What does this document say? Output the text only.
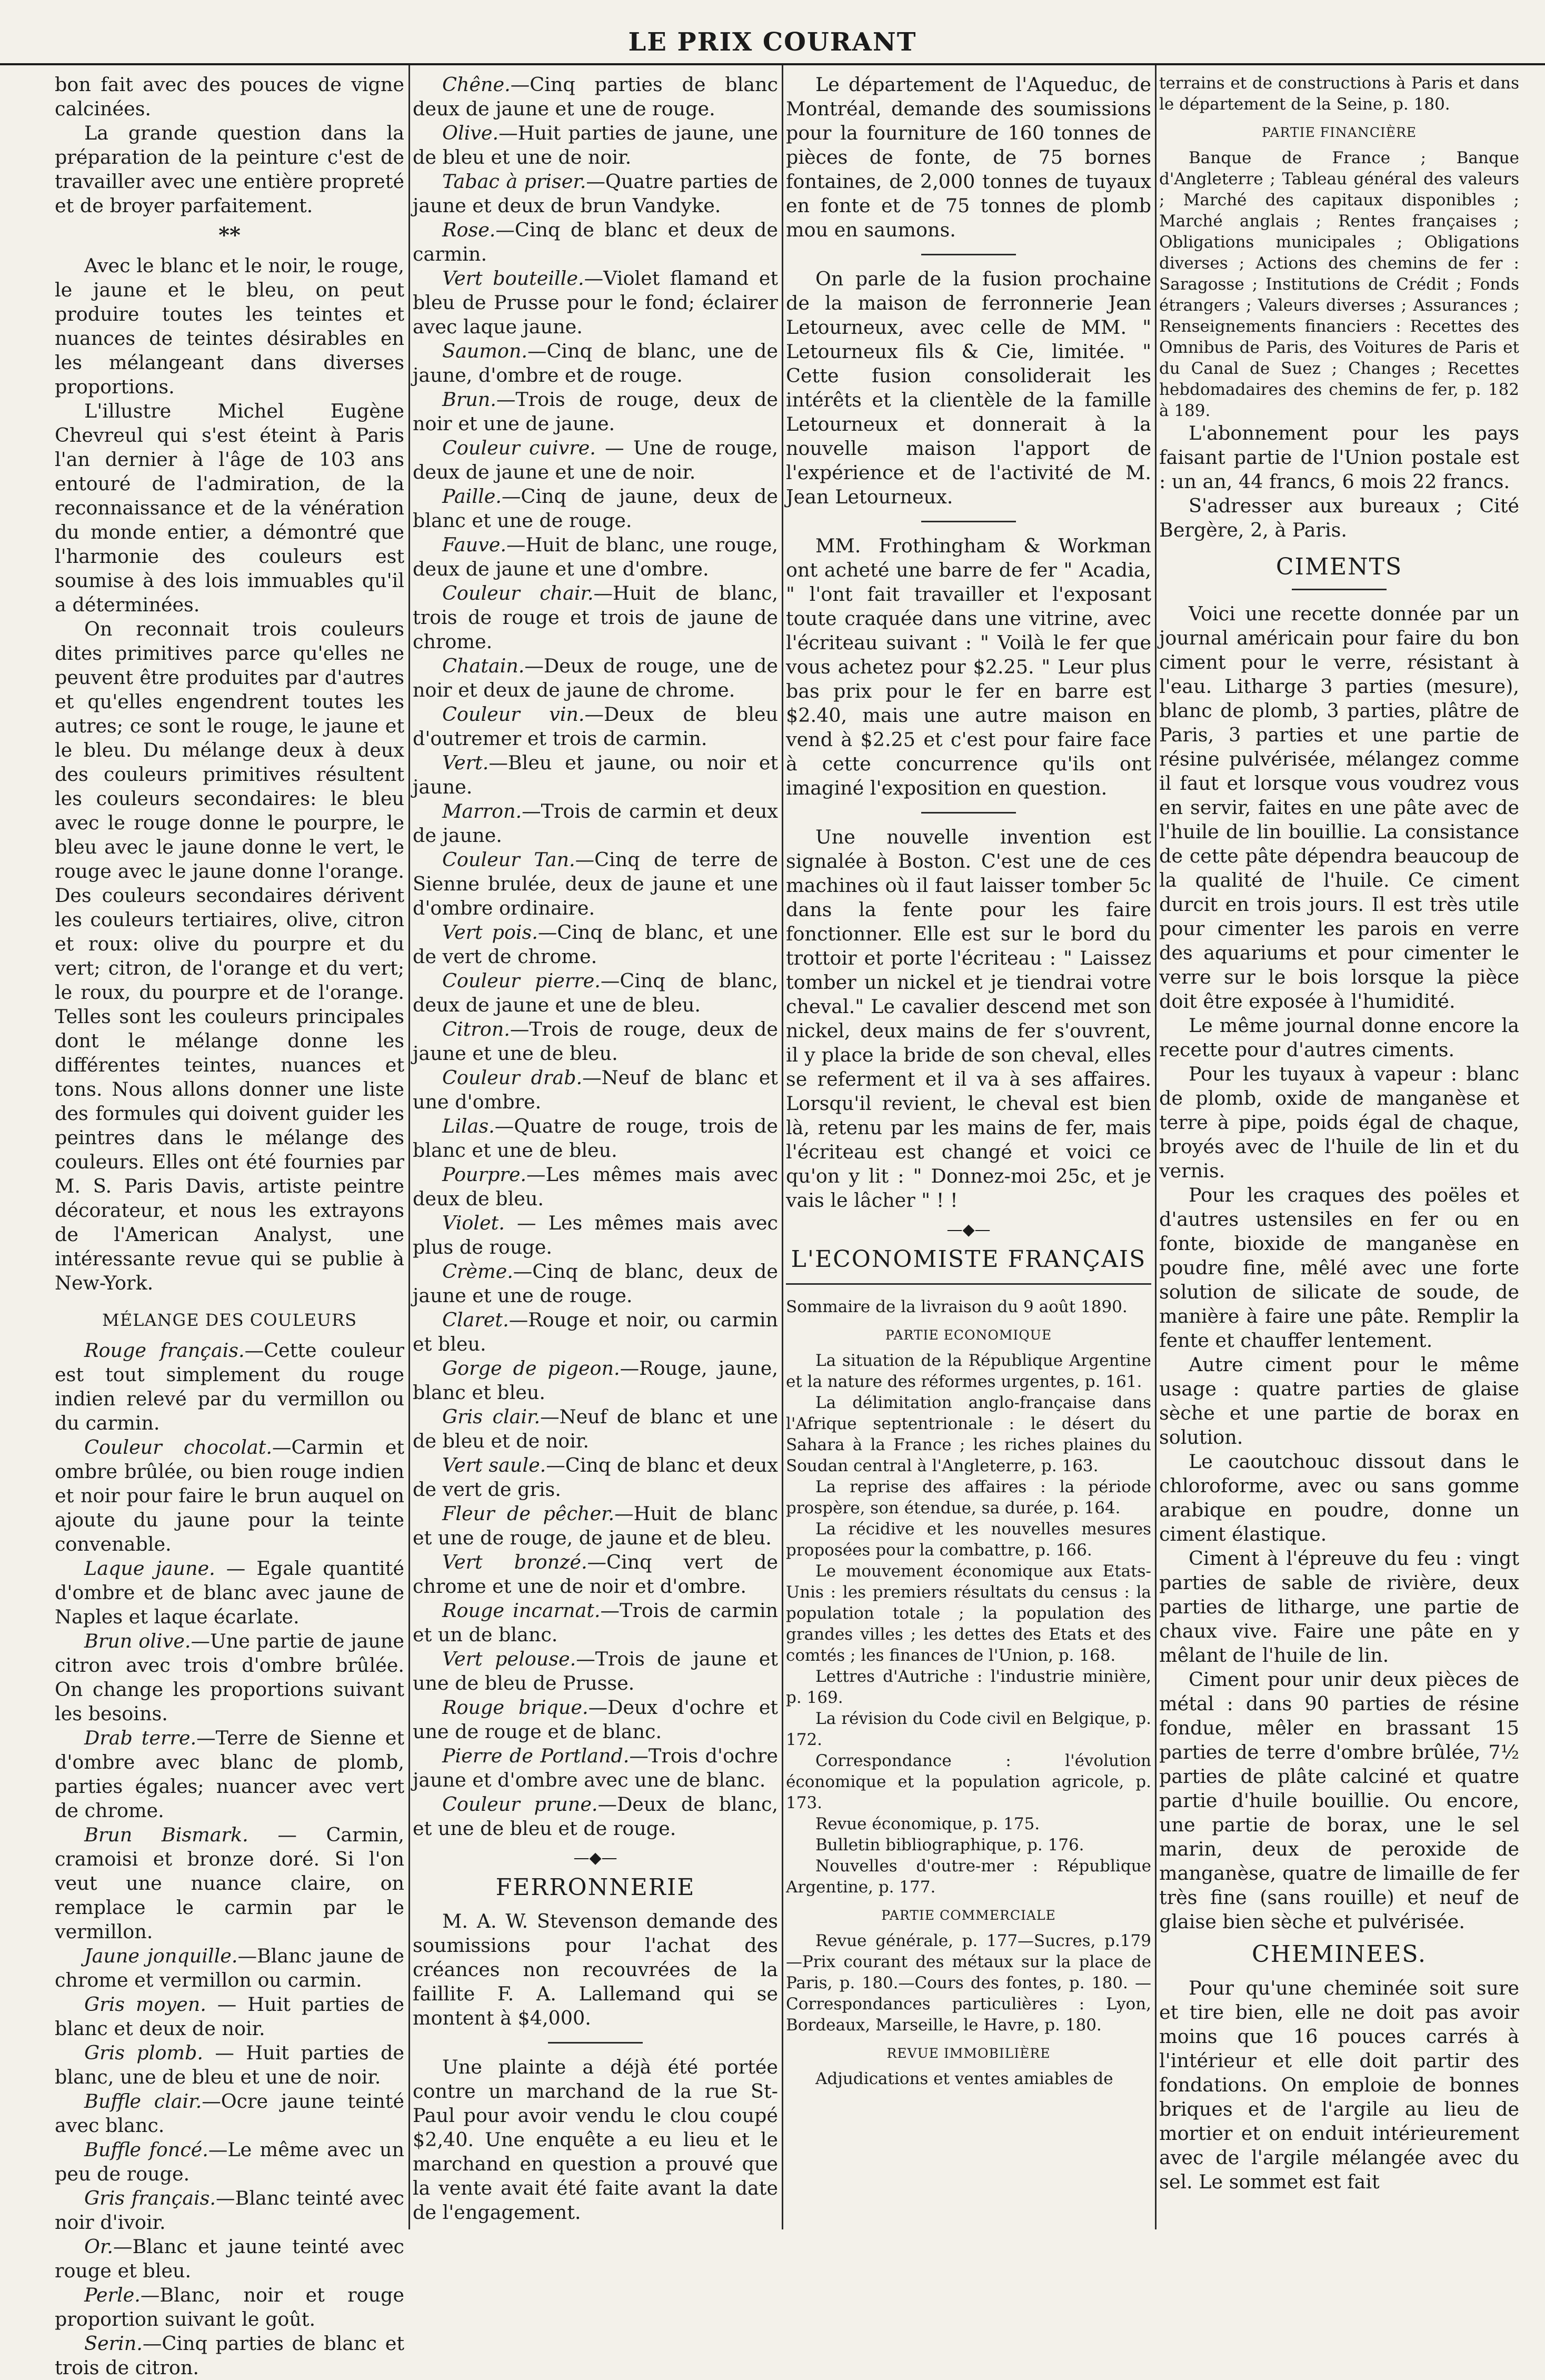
LE PRIX COURANT

bon fait avec des pouces de vigne calcinées.

La grande question dans la préparation de la peinture c'est de travailler avec une entière propreté et de broyer parfaitement.

**

Avec le blanc et le noir, le rouge, le jaune et le bleu, on peut produire toutes les teintes et nuances de teintes désirables en les mélangeant dans diverses proportions.

L'illustre Michel Eugène Chevreul qui s'est éteint à Paris l'an dernier à l'âge de 103 ans entouré de l'admiration, de la reconnaissance et de la vénération du monde entier, a démontré que l'harmonie des couleurs est soumise à des lois immuables qu'il a déterminées.

On reconnait trois couleurs dites primitives parce qu'elles ne peuvent être produites par d'autres et qu'elles engendrent toutes les autres; ce sont le rouge, le jaune et le bleu. Du mélange deux à deux des couleurs primitives résultent les couleurs secondaires: le bleu avec le rouge donne le pourpre, le bleu avec le jaune donne le vert, le rouge avec le jaune donne l'orange. Des couleurs secondaires dérivent les couleurs tertiaires, olive, citron et roux: olive du pourpre et du vert; citron, de l'orange et du vert; le roux, du pourpre et de l'orange. Telles sont les couleurs principales dont le mélange donne les différentes teintes, nuances et tons. Nous allons donner une liste des formules qui doivent guider les peintres dans le mélange des couleurs. Elles ont été fournies par M. S. Paris Davis, artiste peintre décorateur, et nous les extrayons de l'American Analyst, une intéressante revue qui se publie à New-York.

MÉLANGE DES COULEURS

Rouge français.—Cette couleur est tout simplement du rouge indien relevé par du vermillon ou du carmin.

Couleur chocolat.—Carmin et ombre brûlée, ou bien rouge indien et noir pour faire le brun auquel on ajoute du jaune pour la teinte convenable.

Laque jaune. — Egale quantité d'ombre et de blanc avec jaune de Naples et laque écarlate.

Brun olive.—Une partie de jaune citron avec trois d'ombre brûlée. On change les proportions suivant les besoins.

Drab terre.—Terre de Sienne et d'ombre avec blanc de plomb, parties égales; nuancer avec vert de chrome.

Brun Bismark. — Carmin, cramoisi et bronze doré. Si l'on veut une nuance claire, on remplace le carmin par le vermillon.

Jaune jonquille.—Blanc jaune de chrome et vermillon ou carmin.

Gris moyen. — Huit parties de blanc et deux de noir.

Gris plomb. — Huit parties de blanc, une de bleu et une de noir.

Buffle clair.—Ocre jaune teinté avec blanc.

Buffle foncé.—Le même avec un peu de rouge.

Gris français.—Blanc teinté avec noir d'ivoir.

Or.—Blanc et jaune teinté avec rouge et bleu.

Perle.—Blanc, noir et rouge proportion suivant le goût.

Serin.—Cinq parties de blanc et trois de citron.

Chêne.—Cinq parties de blanc deux de jaune et une de rouge.

Olive.—Huit parties de jaune, une de bleu et une de noir.

Tabac à priser.—Quatre parties de jaune et deux de brun Vandyke.

Rose.—Cinq de blanc et deux de carmin.

Vert bouteille.—Violet flamand et bleu de Prusse pour le fond; éclairer avec laque jaune.

Saumon.—Cinq de blanc, une de jaune, d'ombre et de rouge.

Brun.—Trois de rouge, deux de noir et une de jaune.

Couleur cuivre. — Une de rouge, deux de jaune et une de noir.

Paille.—Cinq de jaune, deux de blanc et une de rouge.

Fauve.—Huit de blanc, une rouge, deux de jaune et une d'ombre.

Couleur chair.—Huit de blanc, trois de rouge et trois de jaune de chrome.

Chatain.—Deux de rouge, une de noir et deux de jaune de chrome.

Couleur vin.—Deux de bleu d'outremer et trois de carmin.

Vert.—Bleu et jaune, ou noir et jaune.

Marron.—Trois de carmin et deux de jaune.

Couleur Tan.—Cinq de terre de Sienne brulée, deux de jaune et une d'ombre ordinaire.

Vert pois.—Cinq de blanc, et une de vert de chrome.

Couleur pierre.—Cinq de blanc, deux de jaune et une de bleu.

Citron.—Trois de rouge, deux de jaune et une de bleu.

Couleur drab.—Neuf de blanc et une d'ombre.

Lilas.—Quatre de rouge, trois de blanc et une de bleu.

Pourpre.—Les mêmes mais avec deux de bleu.

Violet. — Les mêmes mais avec plus de rouge.

Crème.—Cinq de blanc, deux de jaune et une de rouge.

Claret.—Rouge et noir, ou carmin et bleu.

Gorge de pigeon.—Rouge, jaune, blanc et bleu.

Gris clair.—Neuf de blanc et une de bleu et de noir.

Vert saule.—Cinq de blanc et deux de vert de gris.

Fleur de pêcher.—Huit de blanc et une de rouge, de jaune et de bleu.

Vert bronzé.—Cinq vert de chrome et une de noir et d'ombre.

Rouge incarnat.—Trois de carmin et un de blanc.

Vert pelouse.—Trois de jaune et une de bleu de Prusse.

Rouge brique.—Deux d'ochre et une de rouge et de blanc.

Pierre de Portland.—Trois d'ochre jaune et d'ombre avec une de blanc.

Couleur prune.—Deux de blanc, et une de bleu et de rouge.

—◆—
FERRONNERIE

M. A. W. Stevenson demande des soumissions pour l'achat des créances non recouvrées de la faillite F. A. Lallemand qui se montent à $4,000.

Une plainte a déjà été portée contre un marchand de la rue St-Paul pour avoir vendu le clou coupé $2,40. Une enquête a eu lieu et le marchand en question a prouvé que la vente avait été faite avant la date de l'engagement.

Le département de l'Aqueduc, de Montréal, demande des soumissions pour la fourniture de 160 tonnes de pièces de fonte, de 75 bornes fontaines, de 2,000 tonnes de tuyaux en fonte et de 75 tonnes de plomb mou en saumons.

On parle de la fusion prochaine de la maison de ferronnerie Jean Letourneux, avec celle de MM. " Letourneux fils & Cie, limitée. " Cette fusion consoliderait les intérêts et la clientèle de la famille Letourneux et donnerait à la nouvelle maison l'apport de l'expérience et de l'activité de M. Jean Letourneux.

MM. Frothingham & Workman ont acheté une barre de fer " Acadia, " l'ont fait travailler et l'exposant toute craquée dans une vitrine, avec l'écriteau suivant : " Voilà le fer que vous achetez pour $2.25. " Leur plus bas prix pour le fer en barre est $2.40, mais une autre maison en vend à $2.25 et c'est pour faire face à cette concurrence qu'ils ont imaginé l'exposition en question.

Une nouvelle invention est signalée à Boston. C'est une de ces machines où il faut laisser tomber 5c dans la fente pour les faire fonctionner. Elle est sur le bord du trottoir et porte l'écriteau : " Laissez tomber un nickel et je tiendrai votre cheval." Le cavalier descend met son nickel, deux mains de fer s'ouvrent, il y place la bride de son cheval, elles se referment et il va à ses affaires. Lorsqu'il revient, le cheval est bien là, retenu par les mains de fer, mais l'écriteau est changé et voici ce qu'on y lit : " Donnez-moi 25c, et je vais le lâcher " ! !

—◆—
L'ECONOMISTE FRANÇAIS

Sommaire de la livraison du 9 août 1890.

PARTIE ECONOMIQUE

La situation de la République Argentine et la nature des réformes urgentes, p. 161.

La délimitation anglo-française dans l'Afrique septentrionale : le désert du Sahara à la France ; les riches plaines du Soudan central à l'Angleterre, p. 163.

La reprise des affaires : la période prospère, son étendue, sa durée, p. 164.

La récidive et les nouvelles mesures proposées pour la combattre, p. 166.

Le mouvement économique aux Etats-Unis : les premiers résultats du census : la population totale ; la population des grandes villes ; les dettes des Etats et des comtés ; les finances de l'Union, p. 168.

Lettres d'Autriche : l'industrie minière, p. 169.

La révision du Code civil en Belgique, p. 172.

Correspondance : l'évolution économique et la population agricole, p. 173.

Revue économique, p. 175.

Bulletin bibliographique, p. 176.

Nouvelles d'outre-mer : République Argentine, p. 177.

PARTIE COMMERCIALE

Revue générale, p. 177—Sucres, p.179—Prix courant des métaux sur la place de Paris, p. 180.—Cours des fontes, p. 180. — Correspondances particulières : Lyon, Bordeaux, Marseille, le Havre, p. 180.

REVUE IMMOBILIÈRE

Adjudications et ventes amiables de

terrains et de constructions à Paris et dans le département de la Seine, p. 180.

PARTIE FINANCIÈRE

Banque de France ; Banque d'Angleterre ; Tableau général des valeurs ; Marché des capitaux disponibles ; Marché anglais ; Rentes françaises ; Obligations municipales ; Obligations diverses ; Actions des chemins de fer : Saragosse ; Institutions de Crédit ; Fonds étrangers ; Valeurs diverses ; Assurances ; Renseignements financiers : Recettes des Omnibus de Paris, des Voitures de Paris et du Canal de Suez ; Changes ; Recettes hebdomadaires des chemins de fer, p. 182 à 189.

L'abonnement pour les pays faisant partie de l'Union postale est : un an, 44 francs, 6 mois 22 francs.

S'adresser aux bureaux ; Cité Bergère, 2, à Paris.

CIMENTS

Voici une recette donnée par un journal américain pour faire du bon ciment pour le verre, résistant à l'eau. Litharge 3 parties (mesure), blanc de plomb, 3 parties, plâtre de Paris, 3 parties et une partie de résine pulvérisée, mélangez comme il faut et lorsque vous voudrez vous en servir, faites en une pâte avec de l'huile de lin bouillie. La consistance de cette pâte dépendra beaucoup de la qualité de l'huile. Ce ciment durcit en trois jours. Il est très utile pour cimenter les parois en verre des aquariums et pour cimenter le verre sur le bois lorsque la pièce doit être exposée à l'humidité.

Le même journal donne encore la recette pour d'autres ciments.

Pour les tuyaux à vapeur : blanc de plomb, oxide de manganèse et terre à pipe, poids égal de chaque, broyés avec de l'huile de lin et du vernis.

Pour les craques des poëles et d'autres ustensiles en fer ou en fonte, bioxide de manganèse en poudre fine, mêlé avec une forte solution de silicate de soude, de manière à faire une pâte. Remplir la fente et chauffer lentement.

Autre ciment pour le même usage : quatre parties de glaise sèche et une partie de borax en solution.

Le caoutchouc dissout dans le chloroforme, avec ou sans gomme arabique en poudre, donne un ciment élastique.

Ciment à l'épreuve du feu : vingt parties de sable de rivière, deux parties de litharge, une partie de chaux vive. Faire une pâte en y mêlant de l'huile de lin.

Ciment pour unir deux pièces de métal : dans 90 parties de résine fondue, mêler en brassant 15 parties de terre d'ombre brûlée, 7½ parties de plâte calciné et quatre partie d'huile bouillie. Ou encore, une partie de borax, une le sel marin, deux de peroxide de manganèse, quatre de limaille de fer très fine (sans rouille) et neuf de glaise bien sèche et pulvérisée.

CHEMINEES.

Pour qu'une cheminée soit sure et tire bien, elle ne doit pas avoir moins que 16 pouces carrés à l'intérieur et elle doit partir des fondations. On emploie de bonnes briques et de l'argile au lieu de mortier et on enduit intérieurement avec de l'argile mélangée avec du sel. Le sommet est fait
